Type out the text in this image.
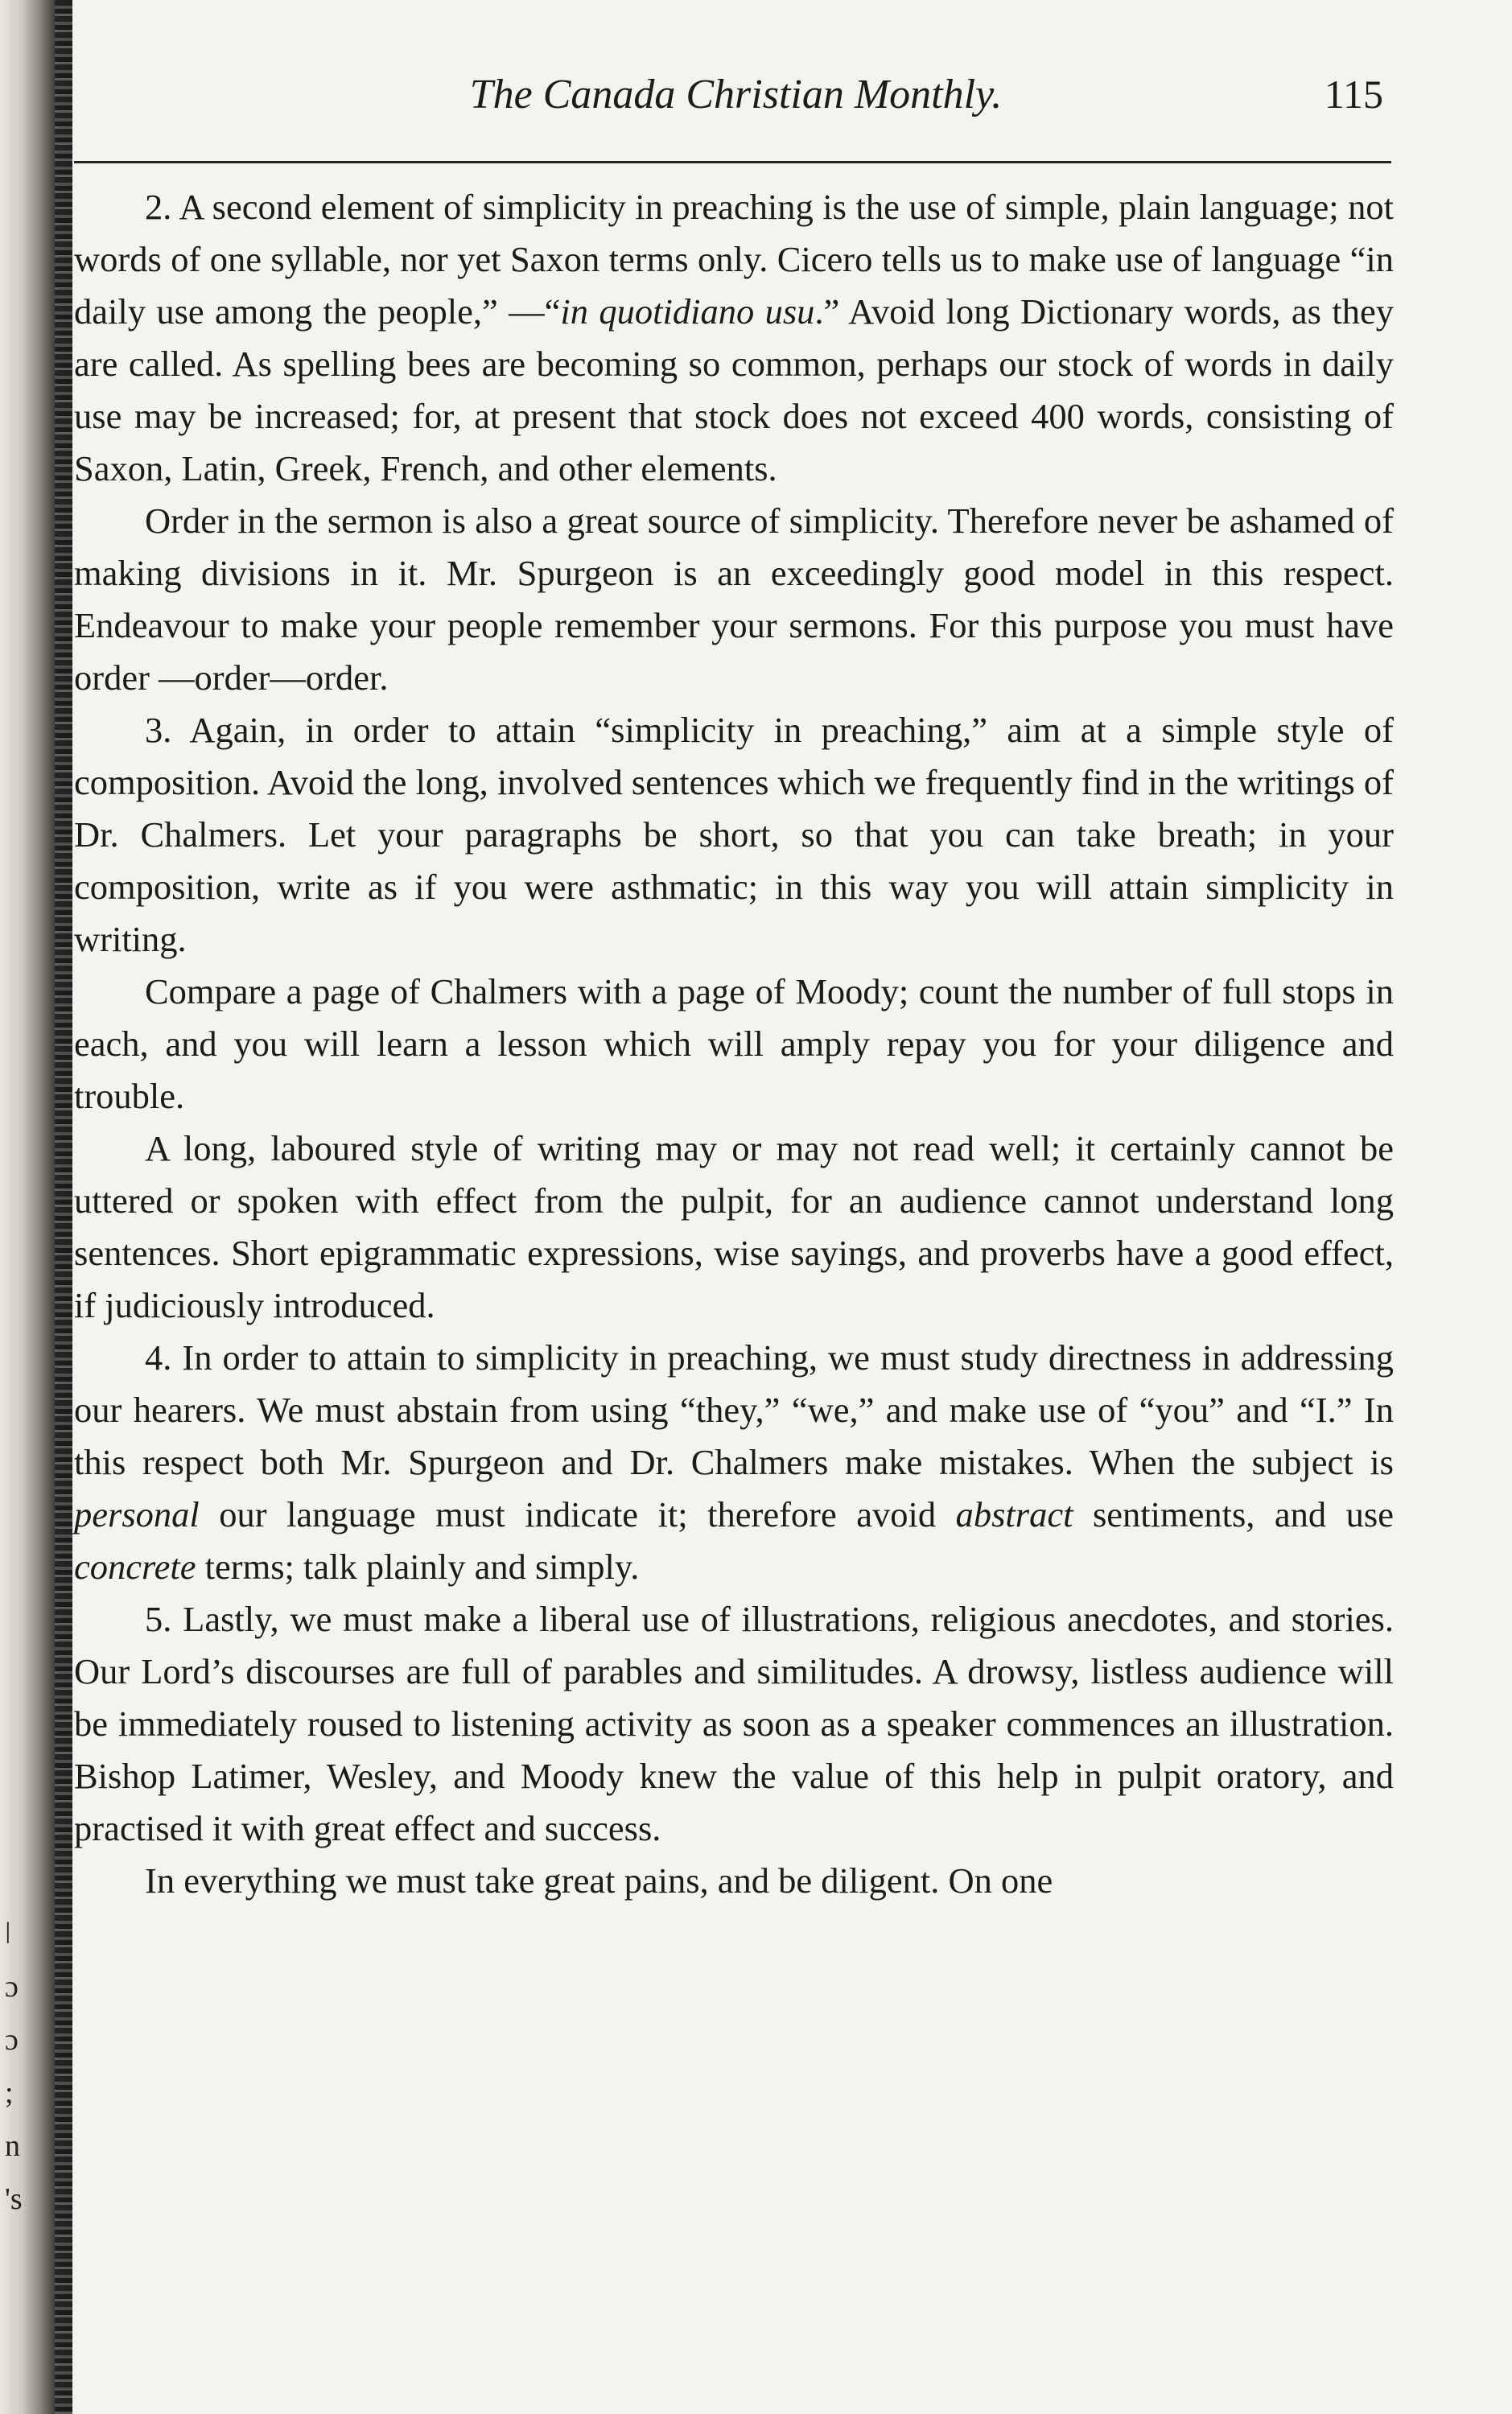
ǀ
ɔ
ɔ
;
n
's
The Canada Christian Monthly.	115

2. A second element of simplicity in preaching is the use of simple, plain language; not words of one syllable, nor yet Saxon terms only. Cicero tells us to make use of language “in daily use among the people,” —“in quotidiano usu.” Avoid long Dictionary words, as they are called. As spelling bees are becoming so common, perhaps our stock of words in daily use may be increased; for, at present that stock does not exceed 400 words, consisting of Saxon, Latin, Greek, French, and other elements.

Order in the sermon is also a great source of simplicity. Therefore never be ashamed of making divisions in it. Mr. Spurgeon is an exceedingly good model in this respect. Endeavour to make your people remember your sermons. For this purpose you must have order —order—order.

3. Again, in order to attain “simplicity in preaching,” aim at a simple style of composition. Avoid the long, involved sentences which we frequently find in the writings of Dr. Chalmers. Let your paragraphs be short, so that you can take breath; in your composition, write as if you were asthmatic; in this way you will attain simplicity in writing.

Compare a page of Chalmers with a page of Moody; count the number of full stops in each, and you will learn a lesson which will amply repay you for your diligence and trouble.

A long, laboured style of writing may or may not read well; it certainly cannot be uttered or spoken with effect from the pulpit, for an audience cannot understand long sentences. Short epigrammatic expressions, wise sayings, and proverbs have a good effect, if judiciously introduced.

4. In order to attain to simplicity in preaching, we must study directness in addressing our hearers. We must abstain from using “they,” “we,” and make use of “you” and “I.” In this respect both Mr. Spurgeon and Dr. Chalmers make mistakes. When the subject is personal our language must indicate it; therefore avoid abstract sentiments, and use concrete terms; talk plainly and simply.

5. Lastly, we must make a liberal use of illustrations, religious anecdotes, and stories. Our Lord’s discourses are full of parables and similitudes. A drowsy, listless audience will be immediately roused to listening activity as soon as a speaker commences an illustration. Bishop Latimer, Wesley, and Moody knew the value of this help in pulpit oratory, and practised it with great effect and success.

In everything we must take great pains, and be diligent. On one
